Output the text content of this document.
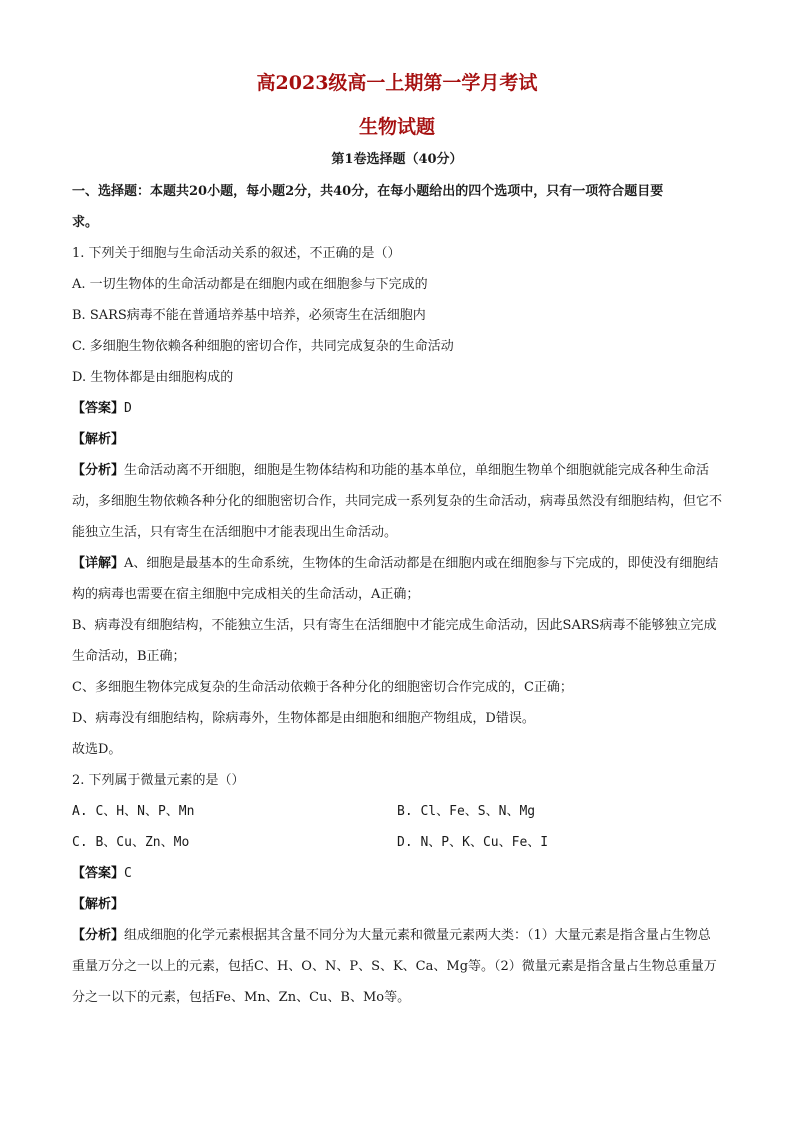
高2023级高一上期第一学月考试
生物试题
第1卷选择题（40分）

一、选择题：本题共20小题，每小题2分，共40分，在每小题给出的四个选项中，只有一项符合题目要

求。

1. 下列关于细胞与生命活动关系的叙述，不正确的是（）

A. 一切生物体的生命活动都是在细胞内或在细胞参与下完成的

B. SARS病毒不能在普通培养基中培养，必须寄生在活细胞内

C. 多细胞生物依赖各种细胞的密切合作，共同完成复杂的生命活动

D. 生物体都是由细胞构成的

【答案】D

【解析】

【分析】生命活动离不开细胞，细胞是生物体结构和功能的基本单位，单细胞生物单个细胞就能完成各种生命活动，多细胞生物依赖各种分化的细胞密切合作，共同完成一系列复杂的生命活动，病毒虽然没有细胞结构，但它不能独立生活，只有寄生在活细胞中才能表现出生命活动。

【详解】A、细胞是最基本的生命系统，生物体的生命活动都是在细胞内或在细胞参与下完成的，即使没有细胞结构的病毒也需要在宿主细胞中完成相关的生命活动，A正确；

B、病毒没有细胞结构，不能独立生活，只有寄生在活细胞中才能完成生命活动，因此SARS病毒不能够独立完成生命活动，B正确；

C、多细胞生物体完成复杂的生命活动依赖于各种分化的细胞密切合作完成的，C正确；

D、病毒没有细胞结构，除病毒外，生物体都是由细胞和细胞产物组成，D错误。

故选D。

2. 下列属于微量元素的是（）

A. C、H、N、P、Mn	B. Cl、Fe、S、N、Mg
C. B、Cu、Zn、Mo	D. N、P、K、Cu、Fe、I

【答案】C

【解析】

【分析】组成细胞的化学元素根据其含量不同分为大量元素和微量元素两大类：（1）大量元素是指含量占生物总重量万分之一以上的元素，包括C、H、O、N、P、S、K、Ca、Mg等。（2）微量元素是指含量占生物总重量万分之一以下的元素，包括Fe、Mn、Zn、Cu、B、Mo等。
